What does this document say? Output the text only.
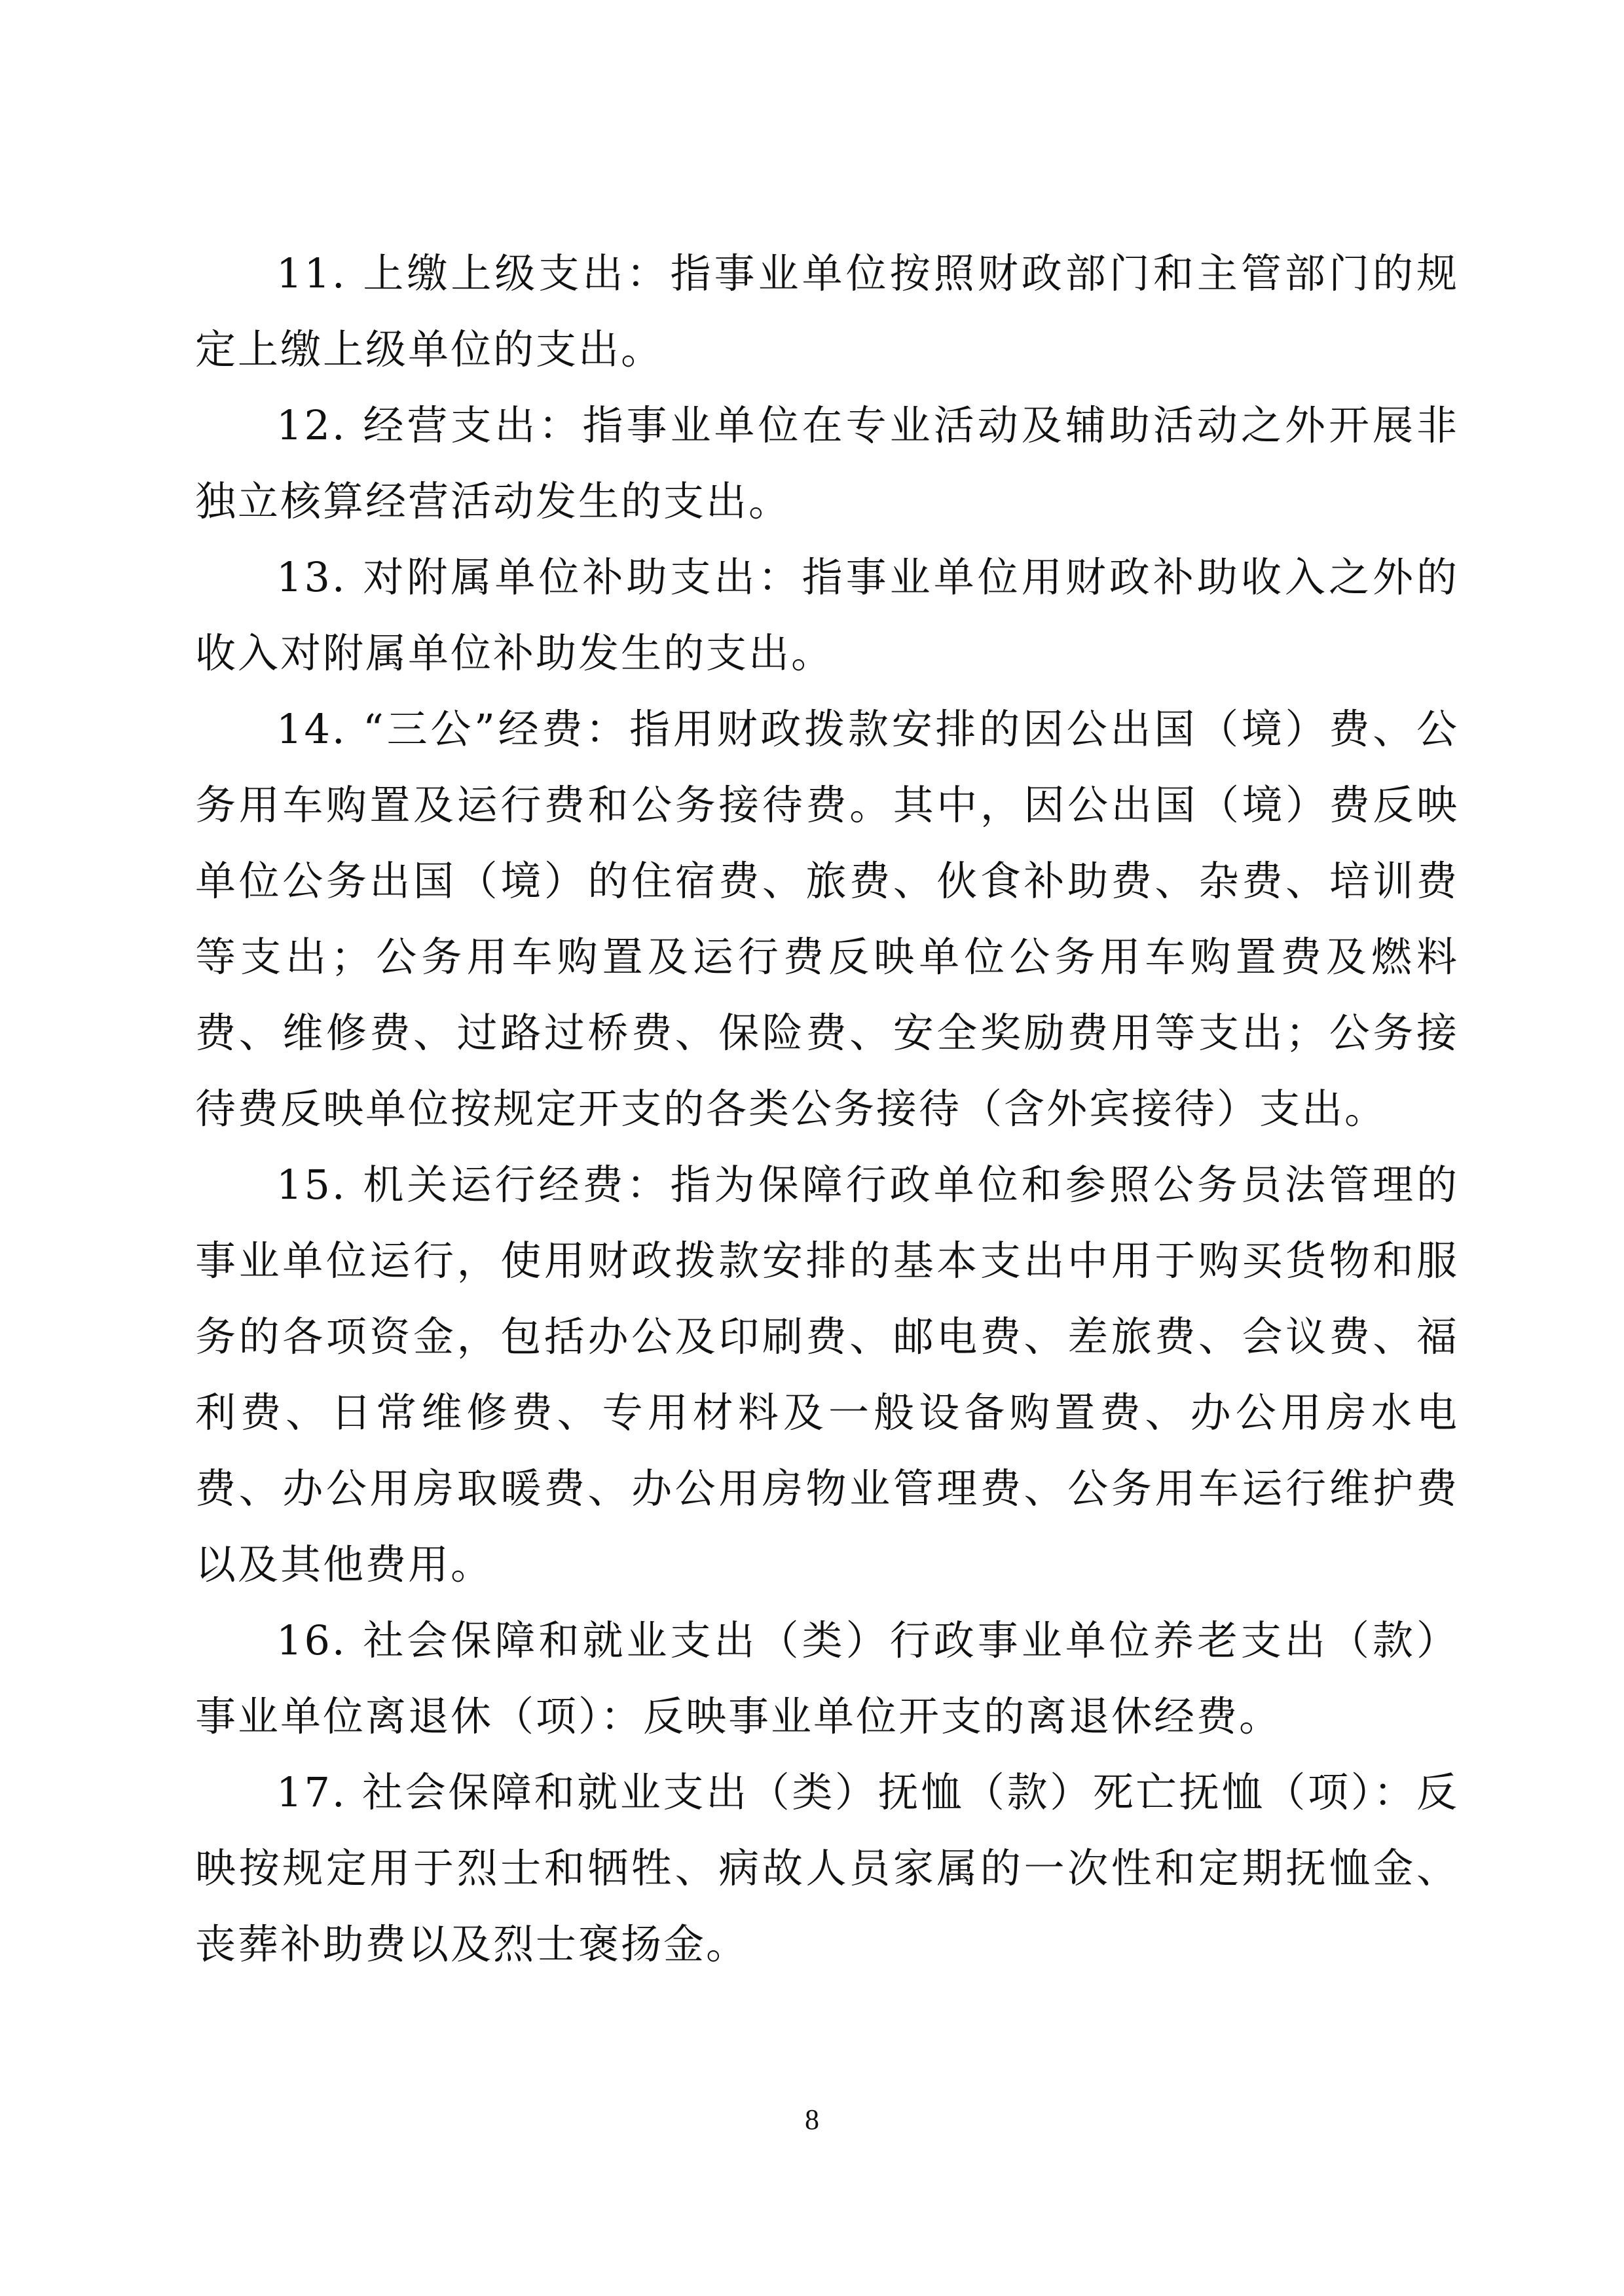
11. 上缴上级支出：指事业单位按照财政部门和主管部门的规定上缴上级单位的支出。

12. 经营支出：指事业单位在专业活动及辅助活动之外开展非独立核算经营活动发生的支出。

13. 对附属单位补助支出：指事业单位用财政补助收入之外的收入对附属单位补助发生的支出。

14. “三公”经费：指用财政拨款安排的因公出国（境）费、公务用车购置及运行费和公务接待费。其中，因公出国（境）费反映单位公务出国（境）的住宿费、旅费、伙食补助费、杂费、培训费等支出；公务用车购置及运行费反映单位公务用车购置费及燃料费、维修费、过路过桥费、保险费、安全奖励费用等支出；公务接待费反映单位按规定开支的各类公务接待（含外宾接待）支出。

15. 机关运行经费：指为保障行政单位和参照公务员法管理的事业单位运行，使用财政拨款安排的基本支出中用于购买货物和服务的各项资金，包括办公及印刷费、邮电费、差旅费、会议费、福利费、日常维修费、专用材料及一般设备购置费、办公用房水电费、办公用房取暖费、办公用房物业管理费、公务用车运行维护费以及其他费用。

16. 社会保障和就业支出（类）行政事业单位养老支出（款）事业单位离退休（项）：反映事业单位开支的离退休经费。

17. 社会保障和就业支出（类）抚恤（款）死亡抚恤（项）：反映按规定用于烈士和牺牲、病故人员家属的一次性和定期抚恤金、丧葬补助费以及烈士褒扬金。

8
